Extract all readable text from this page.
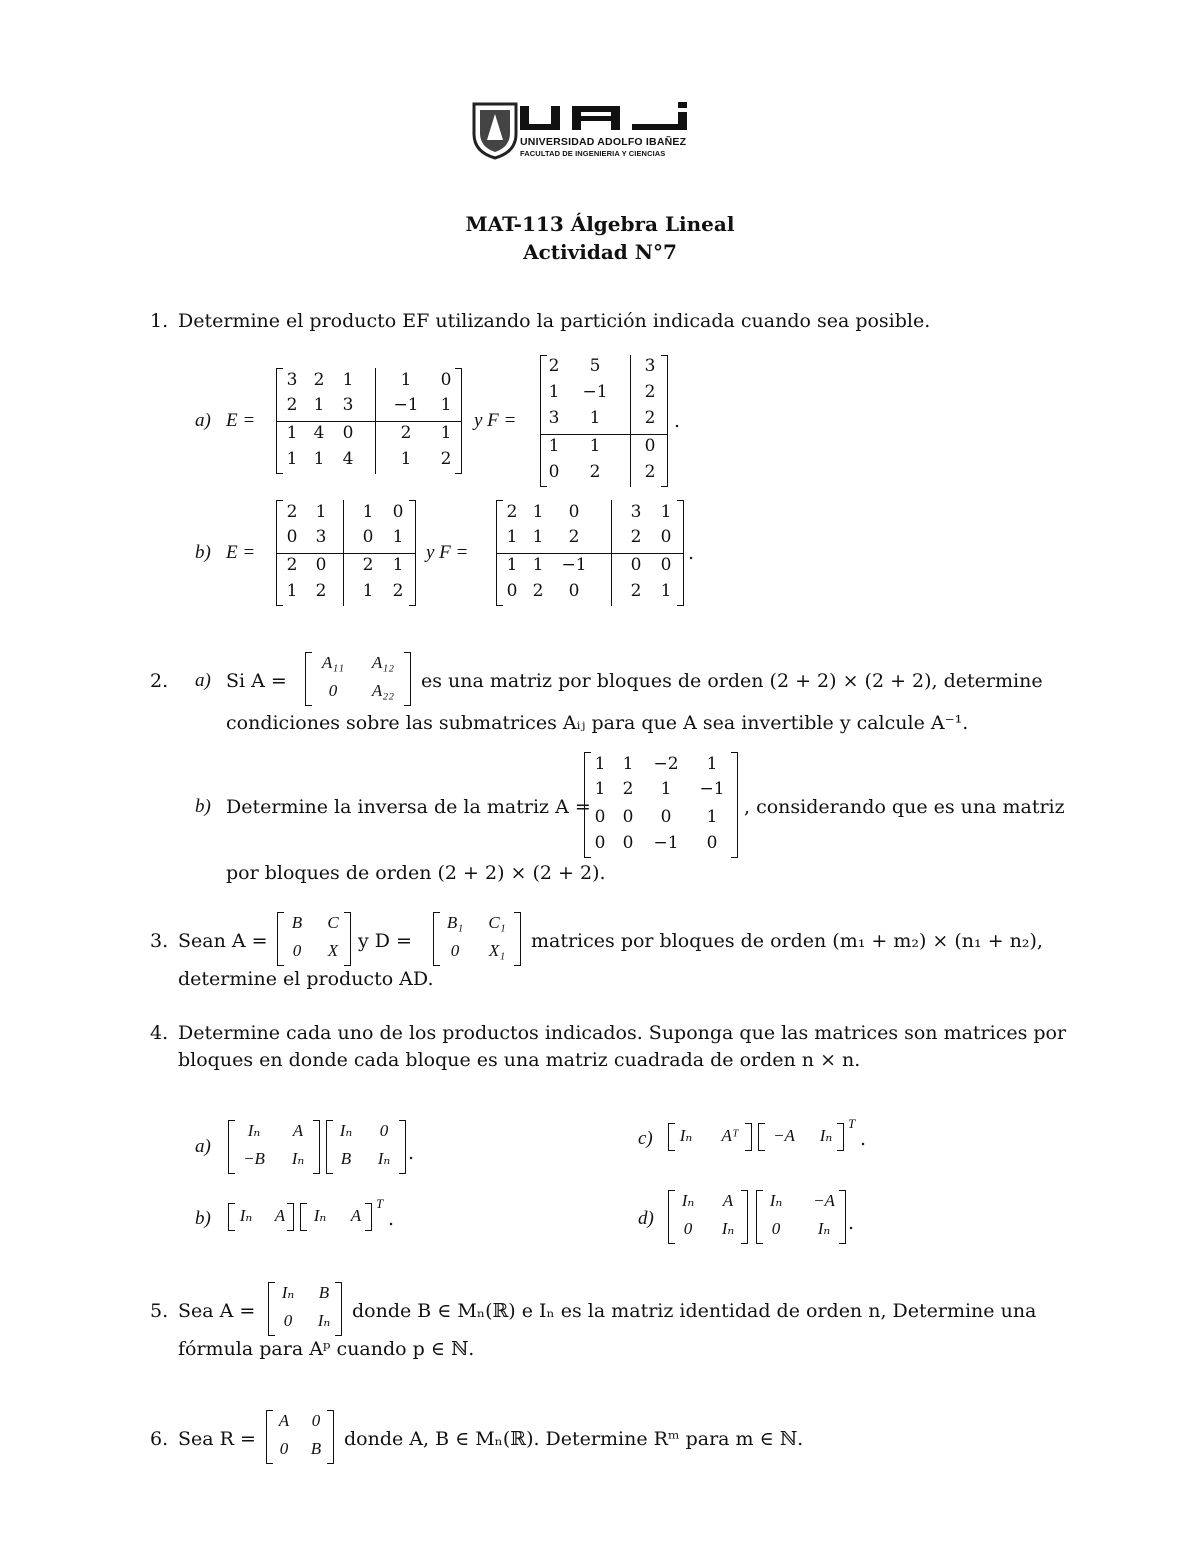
UNIVERSIDAD ADOLFO IBAÑEZ
FACULTAD DE INGENIERIA Y CIENCIAS
MAT-113 Álgebra Lineal
Actividad N°7
1. Determine el producto EF utilizando la partición indicada cuando sea posible.
a) E =
3 2	1	1	0
2 1	3	−1	1
1 4	0	2	1
1 1	4	1	2
y F =
2	5	3
1	−1	2
3	1	2
1	1	0
0	2	2
.
b) E =
2	1	1	0
0	3	0	1
2	0	2	1
1	2	1	2
y F =
2 1	0	3	1
1 1	2	2	0
1 1	−1	0	0
0 2	0	2	1
.
2. a) Si A =
A₁₁	A₁₂
0	A₂₂	es una matriz por bloques de orden (2 + 2) × (2 + 2), determine
condiciones sobre las submatrices Aᵢⱼ para que A sea invertible y calcule A⁻¹.
b) Determine la inversa de la matriz A =
1	1	−2	1
1	2	1	−1
0	0	0	1
0	0	−1	0
, considerando que es una matriz
por bloques de orden (2 + 2) × (2 + 2).
3. Sean A =
B	C
0	X	y D =
B₁	C₁
0	X₁	matrices por bloques de orden (m₁ + m₂) × (n₁ + n₂),
determine el producto AD.
4. Determine cada uno de los productos indicados. Suponga que las matrices son matrices por
bloques en donde cada bloque es una matriz cuadrada de orden n × n.
a)
Iₙ	A
−B	Iₙ
Iₙ	0
B	Iₙ .
b)	Iₙ	A	Iₙ	A
T
.
c)	Iₙ	Aᵀ	−A	Iₙ
T
.
d)
Iₙ	A
0	Iₙ
Iₙ	−A
0	Iₙ .
5. Sea A =
Iₙ	B
0	Iₙ	donde B ∈ Mₙ(ℝ) e Iₙ es la matriz identidad de orden n, Determine una
fórmula para Aᵖ cuando p ∈ ℕ.
6. Sea R =
A	0
0	B	donde A, B ∈ Mₙ(ℝ). Determine Rᵐ para m ∈ ℕ.
